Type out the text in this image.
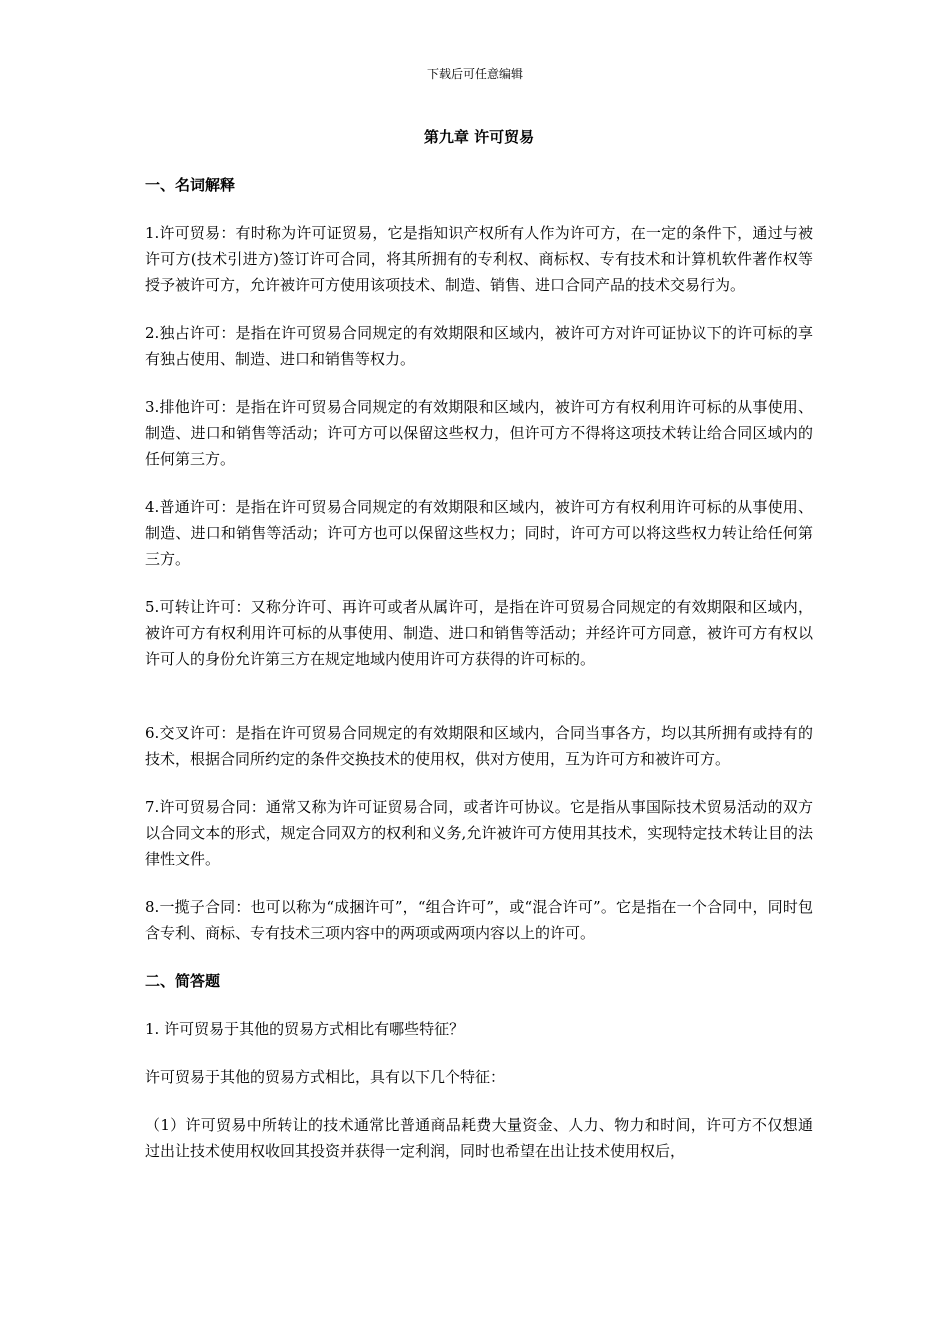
下载后可任意编辑
第九章 许可贸易
一、名词解释
1.许可贸易：有时称为许可证贸易，它是指知识产权所有人作为许可方，在一定的条件下，通过与被许可方(技术引进方)签订许可合同，将其所拥有的专利权、商标权、专有技术和计算机软件著作权等授予被许可方，允许被许可方使用该项技术、制造、销售、进口合同产品的技术交易行为。
2.独占许可：是指在许可贸易合同规定的有效期限和区域内，被许可方对许可证协议下的许可标的享有独占使用、制造、进口和销售等权力。
3.排他许可：是指在许可贸易合同规定的有效期限和区域内，被许可方有权利用许可标的从事使用、制造、进口和销售等活动；许可方可以保留这些权力，但许可方不得将这项技术转让给合同区域内的任何第三方。
4.普通许可：是指在许可贸易合同规定的有效期限和区域内，被许可方有权利用许可标的从事使用、制造、进口和销售等活动；许可方也可以保留这些权力；同时，许可方可以将这些权力转让给任何第三方。
5.可转让许可：又称分许可、再许可或者从属许可，是指在许可贸易合同规定的有效期限和区域内，被许可方有权利用许可标的从事使用、制造、进口和销售等活动；并经许可方同意，被许可方有权以许可人的身份允许第三方在规定地域内使用许可方获得的许可标的。
6.交叉许可：是指在许可贸易合同规定的有效期限和区域内，合同当事各方，均以其所拥有或持有的技术，根据合同所约定的条件交换技术的使用权，供对方使用，互为许可方和被许可方。
7.许可贸易合同：通常又称为许可证贸易合同，或者许可协议。它是指从事国际技术贸易活动的双方以合同文本的形式，规定合同双方的权利和义务,允许被许可方使用其技术，实现特定技术转让目的法律性文件。
8.一揽子合同：也可以称为“成捆许可”，“组合许可”，或“混合许可”。它是指在一个合同中，同时包含专利、商标、专有技术三项内容中的两项或两项内容以上的许可。
二、简答题
1. 许可贸易于其他的贸易方式相比有哪些特征？
许可贸易于其他的贸易方式相比，具有以下几个特征：
（1）许可贸易中所转让的技术通常比普通商品耗费大量资金、人力、物力和时间，许可方不仅想通过出让技术使用权收回其投资并获得一定利润，同时也希望在出让技术使用权后，
